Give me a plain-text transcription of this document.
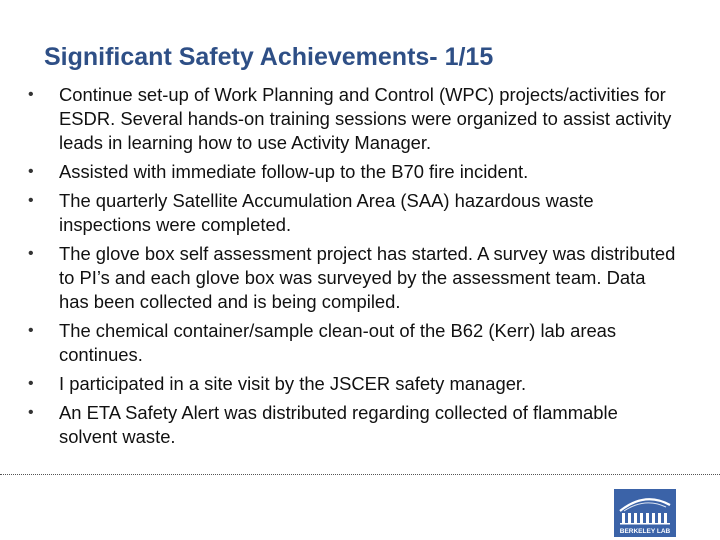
Significant Safety Achievements- 1/15
•	Continue set-up of Work Planning and Control (WPC) projects/activities for ESDR. Several hands-on training sessions were organized to assist activity leads in learning how to use Activity Manager.
•	Assisted with immediate follow-up to the B70 fire incident.
•	The quarterly Satellite Accumulation Area (SAA) hazardous waste inspections were completed.
•	The glove box self assessment project has started. A survey was distributed to PI’s and each glove box was surveyed by the assessment team. Data has been collected and is being compiled.
•	The chemical container/sample clean-out of the B62 (Kerr) lab areas continues.
•	I participated in a site visit by the JSCER safety manager.
•	An ETA Safety Alert was distributed regarding collected of flammable solvent waste.
BERKELEY LAB
